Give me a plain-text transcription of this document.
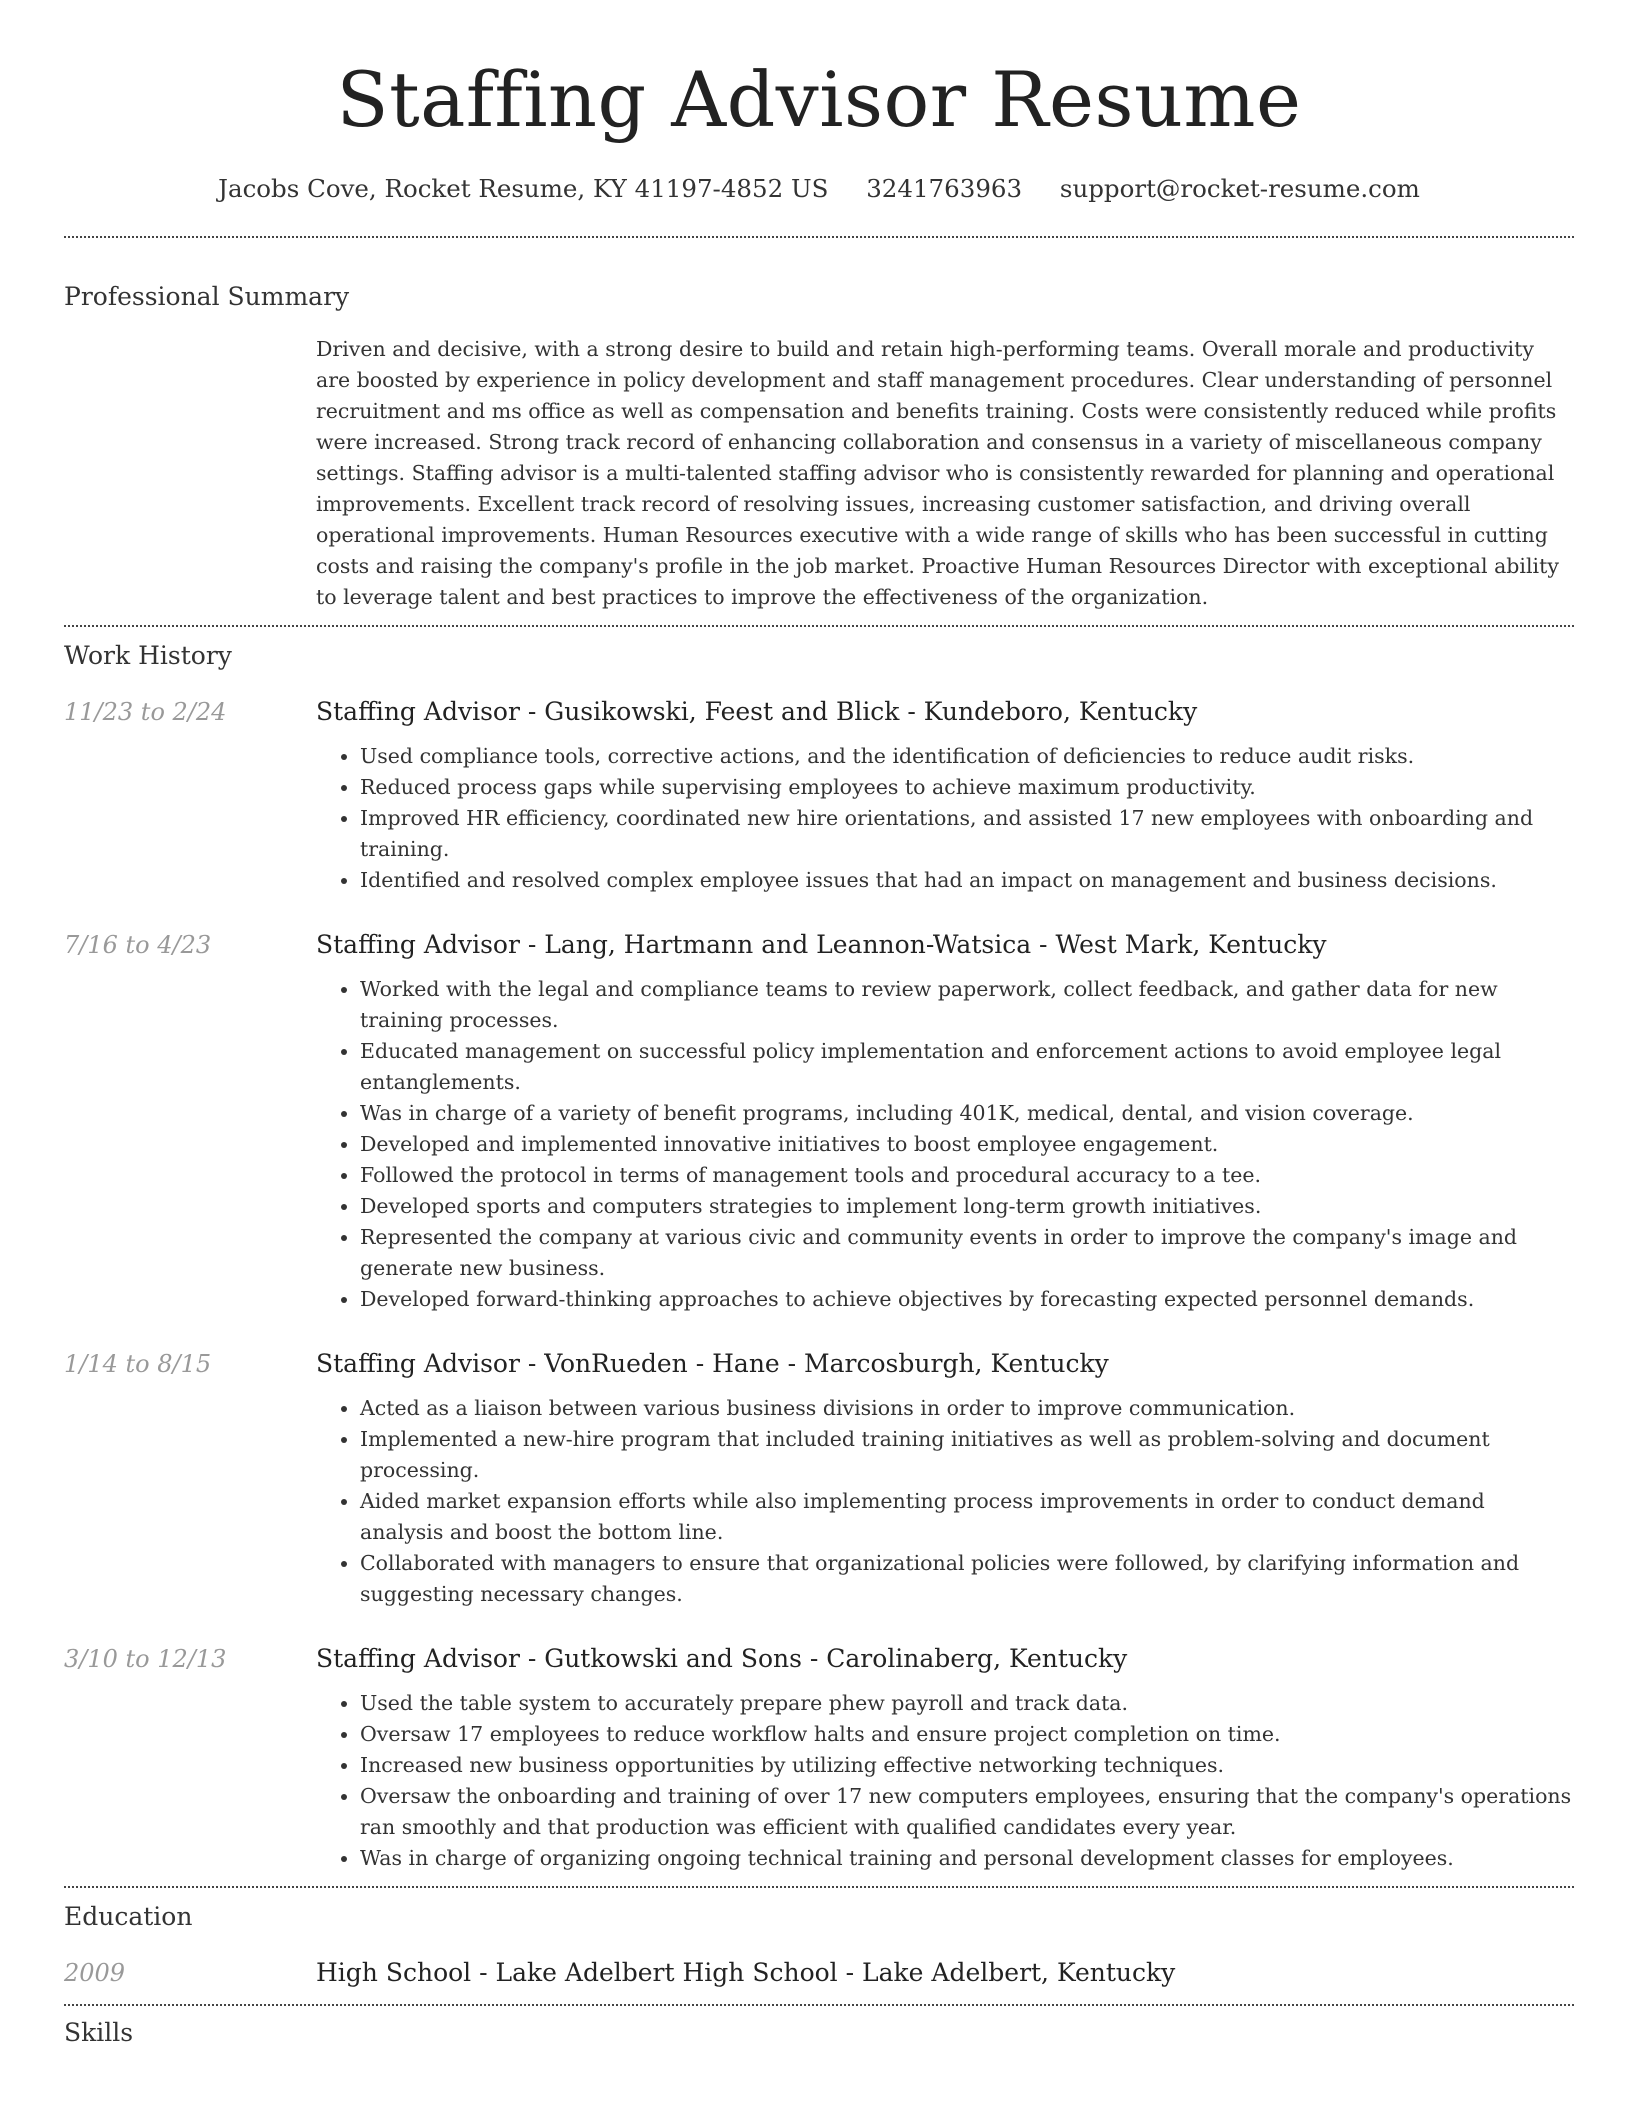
Staffing Advisor Resume
Jacobs Cove, Rocket Resume, KY 41197-4852 US 3241763963 support@rocket-resume.com
Professional Summary
Driven and decisive, with a strong desire to build and retain high-performing teams. Overall morale and productivity are boosted by experience in policy development and staff management procedures. Clear understanding of personnel recruitment and ms office as well as compensation and benefits training. Costs were consistently reduced while profits were increased. Strong track record of enhancing collaboration and consensus in a variety of miscellaneous company settings. Staffing advisor is a multi-talented staffing advisor who is consistently rewarded for planning and operational improvements. Excellent track record of resolving issues, increasing customer satisfaction, and driving overall operational improvements. Human Resources executive with a wide range of skills who has been successful in cutting costs and raising the company's profile in the job market. Proactive Human Resources Director with exceptional ability to leverage talent and best practices to improve the effectiveness of the organization.
Work History
11/23 to 2/24	Staffing Advisor - Gusikowski, Feest and Blick - Kundeboro, Kentucky
• Used compliance tools, corrective actions, and the identification of deficiencies to reduce audit risks.
• Reduced process gaps while supervising employees to achieve maximum productivity.
• Improved HR efficiency, coordinated new hire orientations, and assisted 17 new employees with onboarding and training.
• Identified and resolved complex employee issues that had an impact on management and business decisions.
7/16 to 4/23	Staffing Advisor - Lang, Hartmann and Leannon-Watsica - West Mark, Kentucky
• Worked with the legal and compliance teams to review paperwork, collect feedback, and gather data for new training processes.
• Educated management on successful policy implementation and enforcement actions to avoid employee legal entanglements.
• Was in charge of a variety of benefit programs, including 401K, medical, dental, and vision coverage.
• Developed and implemented innovative initiatives to boost employee engagement.
• Followed the protocol in terms of management tools and procedural accuracy to a tee.
• Developed sports and computers strategies to implement long-term growth initiatives.
• Represented the company at various civic and community events in order to improve the company's image and generate new business.
• Developed forward-thinking approaches to achieve objectives by forecasting expected personnel demands.
1/14 to 8/15	Staffing Advisor - VonRueden - Hane - Marcosburgh, Kentucky
• Acted as a liaison between various business divisions in order to improve communication.
• Implemented a new-hire program that included training initiatives as well as problem-solving and document processing.
• Aided market expansion efforts while also implementing process improvements in order to conduct demand analysis and boost the bottom line.
• Collaborated with managers to ensure that organizational policies were followed, by clarifying information and suggesting necessary changes.
3/10 to 12/13	Staffing Advisor - Gutkowski and Sons - Carolinaberg, Kentucky
• Used the table system to accurately prepare phew payroll and track data.
• Oversaw 17 employees to reduce workflow halts and ensure project completion on time.
• Increased new business opportunities by utilizing effective networking techniques.
• Oversaw the onboarding and training of over 17 new computers employees, ensuring that the company's operations ran smoothly and that production was efficient with qualified candidates every year.
• Was in charge of organizing ongoing technical training and personal development classes for employees.
Education
2009	High School - Lake Adelbert High School - Lake Adelbert, Kentucky
Skills
